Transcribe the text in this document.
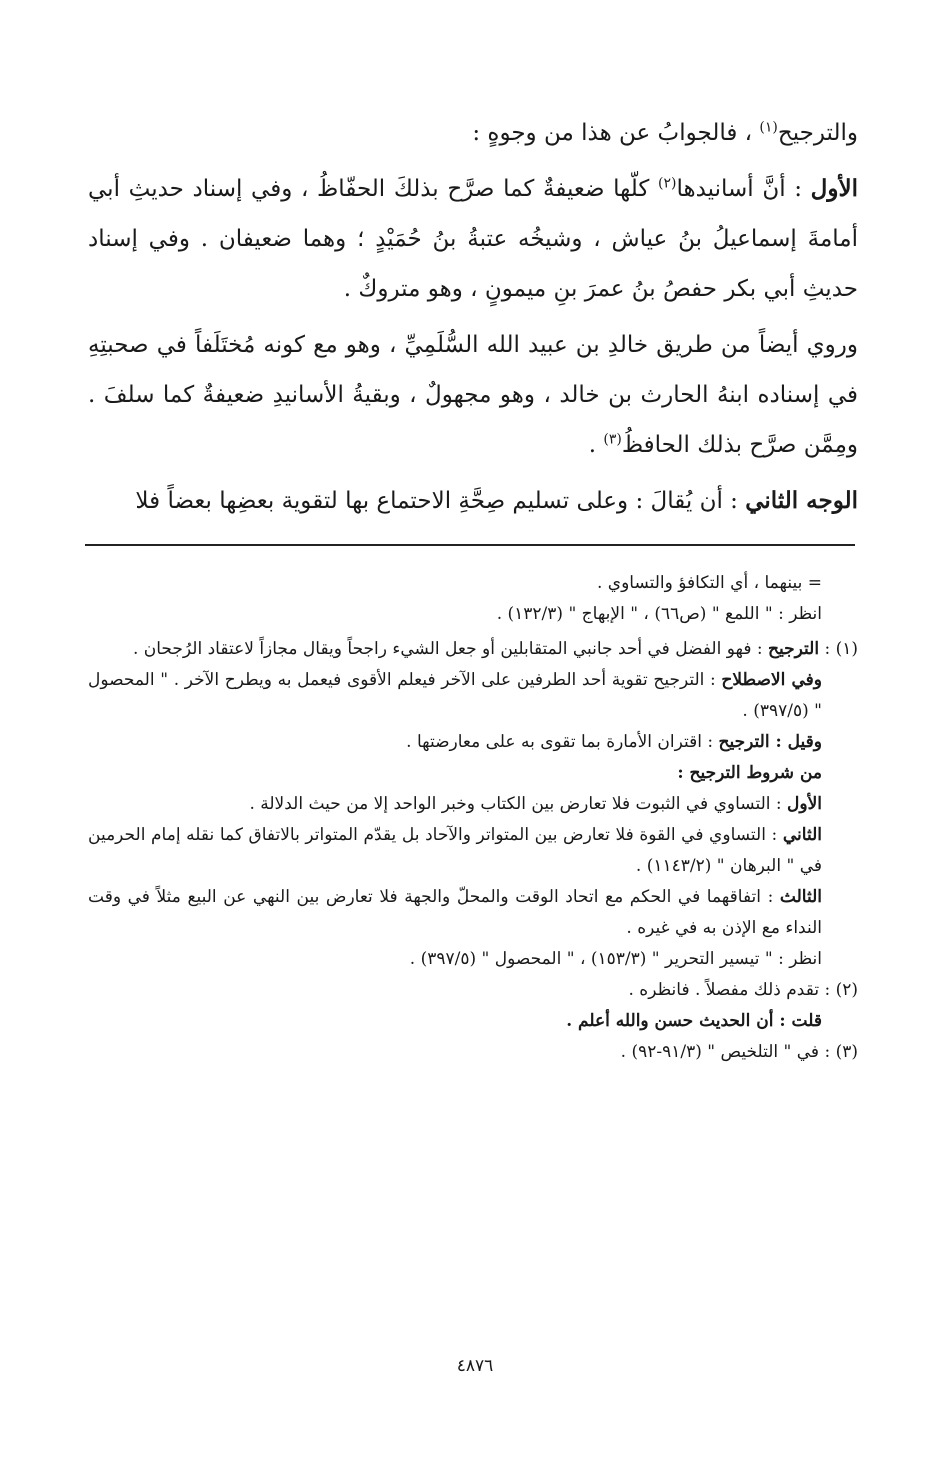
والترجيح$^{(١)}$ ، فالجوابُ عن هذا من وجوهٍ :

الأول : أنَّ أسانيدها$^{(٢)}$ كلّها ضعيفةٌ كما صرَّح بذلكَ الحفّاظُ ، وفي إسناد حديثِ أبي أمامةَ إسماعيلُ بنُ عياش ، وشيخُه عتبةُ بنُ حُمَيْدٍ ؛ وهما ضعيفان . وفي إسناد حديثِ أبي بكر حفصُ بنُ عمرَ بنِ ميمونٍ ، وهو متروكٌ .

وروي أيضاً من طريق خالدِ بن عبيد الله السُّلَمِيِّ ، وهو مع كونه مُختَلَفاً في صحبتِهِ في إسناده ابنهُ الحارث بن خالد ، وهو مجهولٌ ، وبقيةُ الأسانيدِ ضعيفةٌ كما سلفَ . ومِمَّن صرَّح بذلك الحافظُ$^{(٣)}$ .

الوجه الثاني : أن يُقالَ : وعلى تسليم صِحَّةِ الاحتماع بها لتقوية بعضِها بعضاً فلا

= بينهما ، أي التكافؤ والتساوي .

انظر : " اللمع " (ص٦٦) ، " الإبهاج " (١٣٢/٣) .

(١) : الترجيح : فهو الفضل في أحد جانبي المتقابلين أو جعل الشيء راجحاً ويقال مجازاً لاعتقاد الرُجحان .

وفي الاصطلاح : الترجيح تقوية أحد الطرفين على الآخر فيعلم الأقوى فيعمل به ويطرح الآخر . " المحصول " (٣٩٧/٥) .

وقيل : الترجيح : اقتران الأمارة بما تقوى به على معارضتها .

من شروط الترجيح :

الأول : التساوي في الثبوت فلا تعارض بين الكتاب وخبر الواحد إلا من حيث الدلالة .

الثاني : التساوي في القوة فلا تعارض بين المتواتر والآحاد بل يقدّم المتواتر بالاتفاق كما نقله إمام الحرمين في " البرهان " (١١٤٣/٢) .

الثالث : اتفاقهما في الحكم مع اتحاد الوقت والمحلّ والجهة فلا تعارض بين النهي عن البيع مثلاً في وقت النداء مع الإذن به في غيره .

انظر : " تيسير التحرير " (١٥٣/٣) ، " المحصول " (٣٩٧/٥) .

(٢) : تقدم ذلك مفصلاً . فانظره .

قلت : أن الحديث حسن والله أعلم .

(٣) : في " التلخيص " (٩١/٣-٩٢) .

٤٨٧٦
